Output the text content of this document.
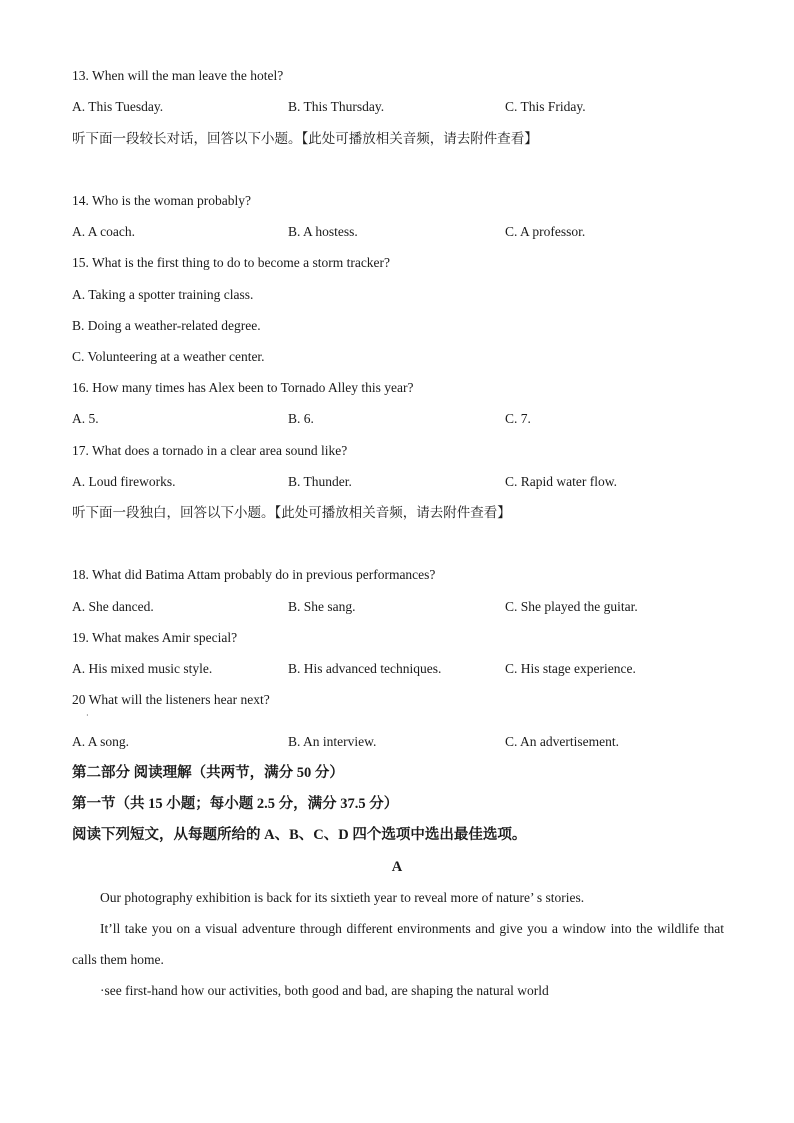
13. When will the man leave the hotel?
A. This Tuesday.	B. This Thursday.	C. This Friday.
听下面一段较长对话，回答以下小题。【此处可播放相关音频，请去附件查看】
14. Who is the woman probably?
A. A coach.	B. A hostess.	C. A professor.
15. What is the first thing to do to become a storm tracker?
A. Taking a spotter training class.
B. Doing a weather-related degree.
C. Volunteering at a weather center.
16. How many times has Alex been to Tornado Alley this year?
A. 5.	B. 6.	C. 7.
17. What does a tornado in a clear area sound like?
A. Loud fireworks.	B. Thunder.	C. Rapid water flow.
听下面一段独白，回答以下小题。【此处可播放相关音频，请去附件查看】
18. What did Batima Attam probably do in previous performances?
A. She danced.	B. She sang.	C. She played the guitar.
19. What makes Amir special?
A. His mixed music style.	B. His advanced techniques.	C. His stage experience.
20 What will the listeners hear next?
·
A. A song.	B. An interview.	C. An advertisement.
第二部分 阅读理解（共两节，满分 50 分）
第一节（共 15 小题；每小题 2.5 分，满分 37.5 分）
阅读下列短文，从每题所给的 A、B、C、D 四个选项中选出最佳选项。
A
Our photography exhibition is back for its sixtieth year to reveal more of nature’ s stories.
It’ll take you on a visual adventure through different environments and give you a window into the wildlife that calls them home.
·see first-hand how our activities, both good and bad, are shaping the natural world
